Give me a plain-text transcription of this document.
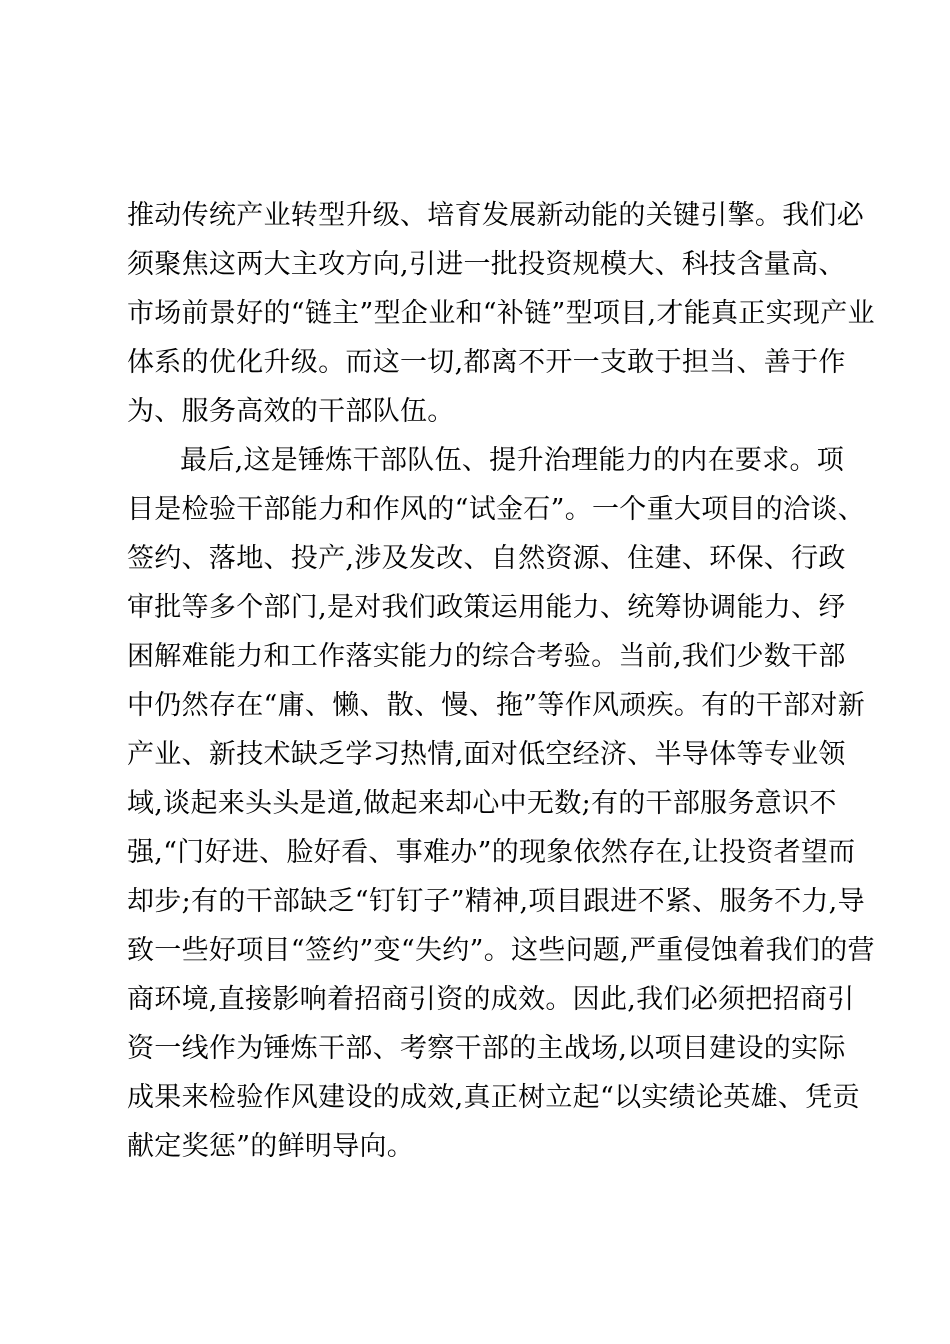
推动传统产业转型升级、培育发展新动能的关键引擎。我们必
须聚焦这两大主攻方向,引进一批投资规模大、科技含量高、
市场前景好的“链主”型企业和“补链”型项目,才能真正实现产业
体系的优化升级。而这一切,都离不开一支敢于担当、善于作
为、服务高效的干部队伍。
最后,这是锤炼干部队伍、提升治理能力的内在要求。项
目是检验干部能力和作风的“试金石”。一个重大项目的洽谈、
签约、落地、投产,涉及发改、自然资源、住建、环保、行政
审批等多个部门,是对我们政策运用能力、统筹协调能力、纾
困解难能力和工作落实能力的综合考验。当前,我们少数干部
中仍然存在“庸、懒、散、慢、拖”等作风顽疾。有的干部对新
产业、新技术缺乏学习热情,面对低空经济、半导体等专业领
域,谈起来头头是道,做起来却心中无数;有的干部服务意识不
强,“门好进、脸好看、事难办”的现象依然存在,让投资者望而
却步;有的干部缺乏“钉钉子”精神,项目跟进不紧、服务不力,导
致一些好项目“签约”变“失约”。这些问题,严重侵蚀着我们的营
商环境,直接影响着招商引资的成效。因此,我们必须把招商引
资一线作为锤炼干部、考察干部的主战场,以项目建设的实际
成果来检验作风建设的成效,真正树立起“以实绩论英雄、凭贡
献定奖惩”的鲜明导向。
